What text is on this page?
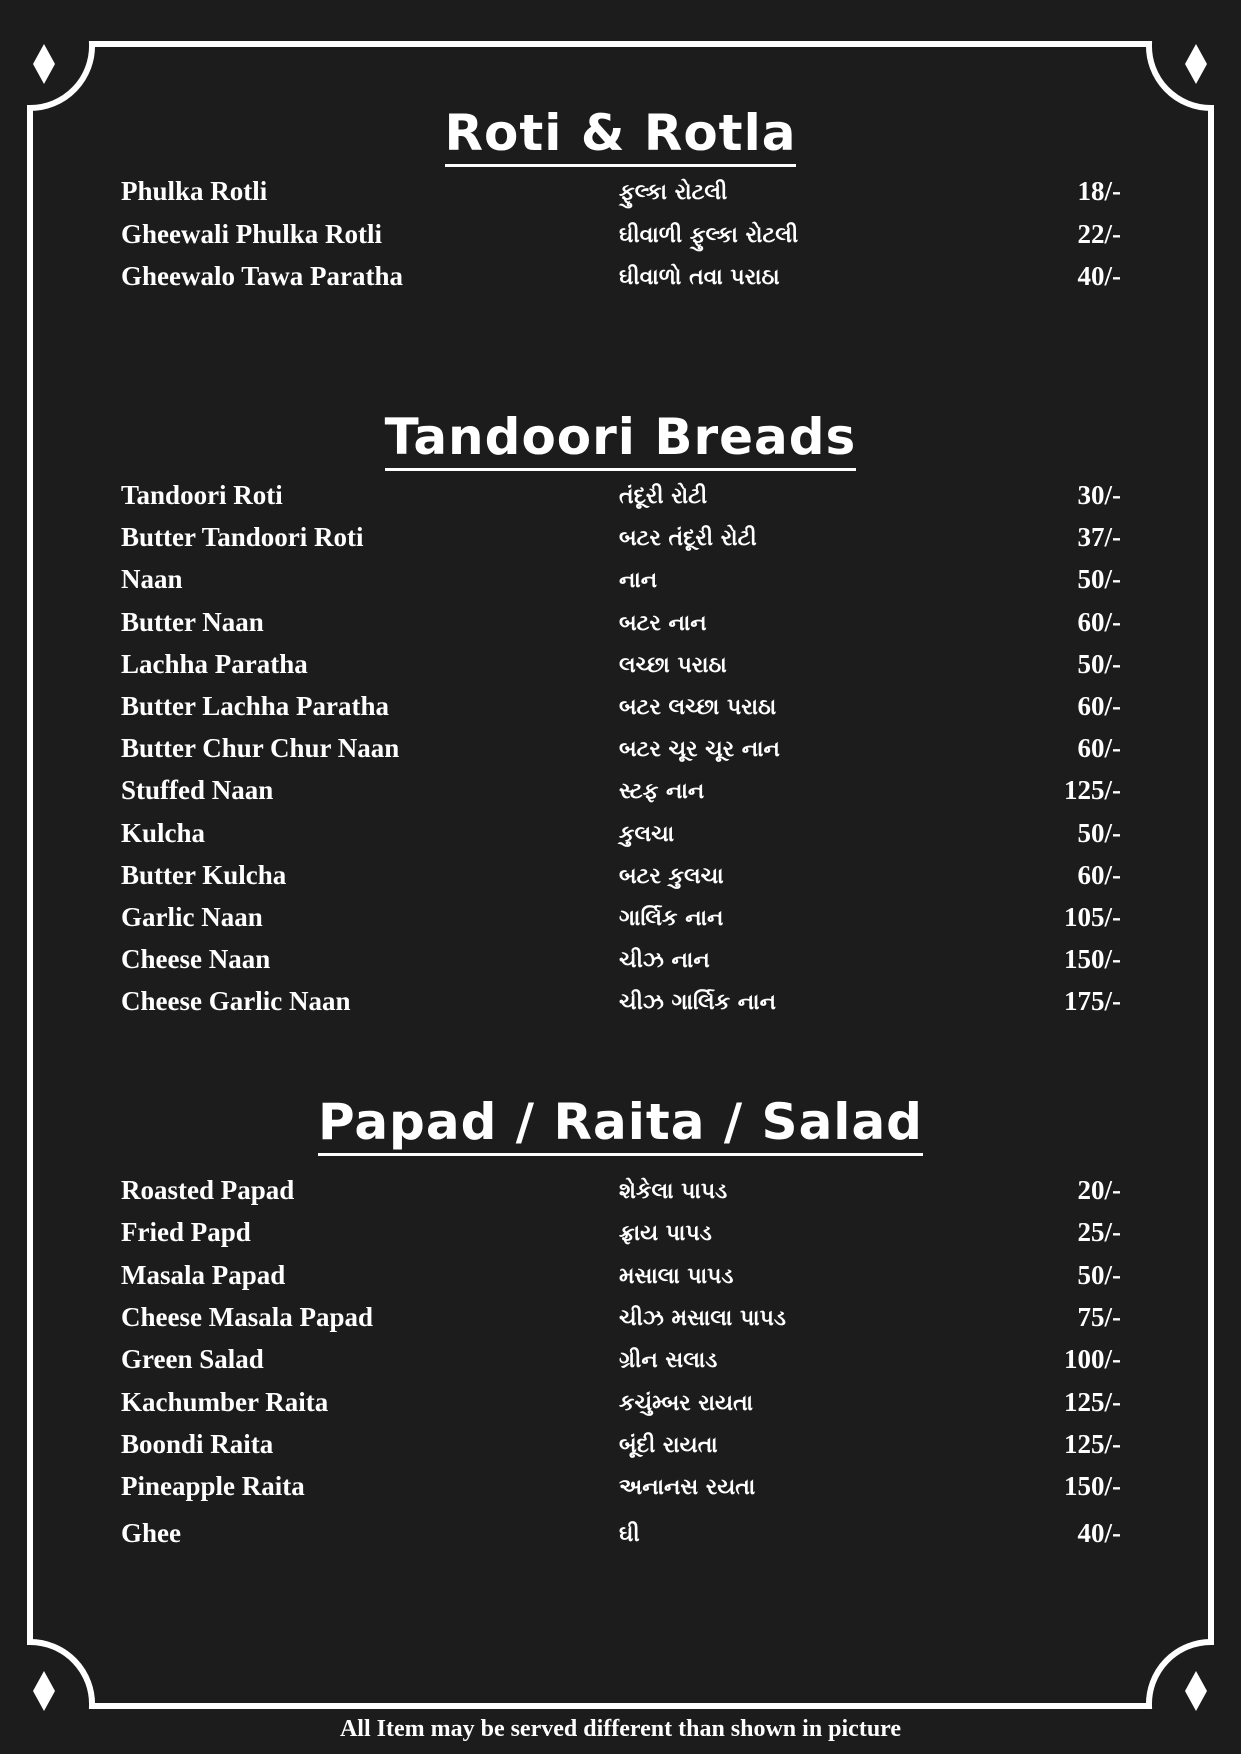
Roti & Rotla
Phulka Rotli	ફુલ્કા રોટલી	18/-
Gheewali Phulka Rotli	ઘીવાળી ફુલ્કા રોટલી	22/-
Gheewalo Tawa Paratha	ઘીવાળો તવા પરાઠા	40/-
Tandoori Breads
Tandoori Roti	તંદૂરી રોટી	30/-
Butter Tandoori Roti	બટર તંદૂરી રોટી	37/-
Naan	નાન	50/-
Butter Naan	બટર નાન	60/-
Lachha Paratha	લચ્છા પરાઠા	50/-
Butter Lachha Paratha	બટર લચ્છા પરાઠા	60/-
Butter Chur Chur Naan	બટર ચૂર ચૂર નાન	60/-
Stuffed Naan	સ્ટફ નાન	125/-
Kulcha	કુલચા	50/-
Butter Kulcha	બટર કુલચા	60/-
Garlic Naan	ગાર્લિક નાન	105/-
Cheese Naan	ચીઝ નાન	150/-
Cheese Garlic Naan	ચીઝ ગાર્લિક નાન	175/-
Papad / Raita / Salad
Roasted Papad	શેકેલા પાપડ	20/-
Fried Papd	ફ્રાય પાપડ	25/-
Masala Papad	મસાલા પાપડ	50/-
Cheese Masala Papad	ચીઝ મસાલા પાપડ	75/-
Green Salad	ગ્રીન સલાડ	100/-
Kachumber Raita	કચુંમ્બર રાયતા	125/-
Boondi Raita	બૂંદી રાયતા	125/-
Pineapple Raita	અનાનસ રયતા	150/-
Ghee	ઘી	40/-
All Item may be served different than shown in picture
